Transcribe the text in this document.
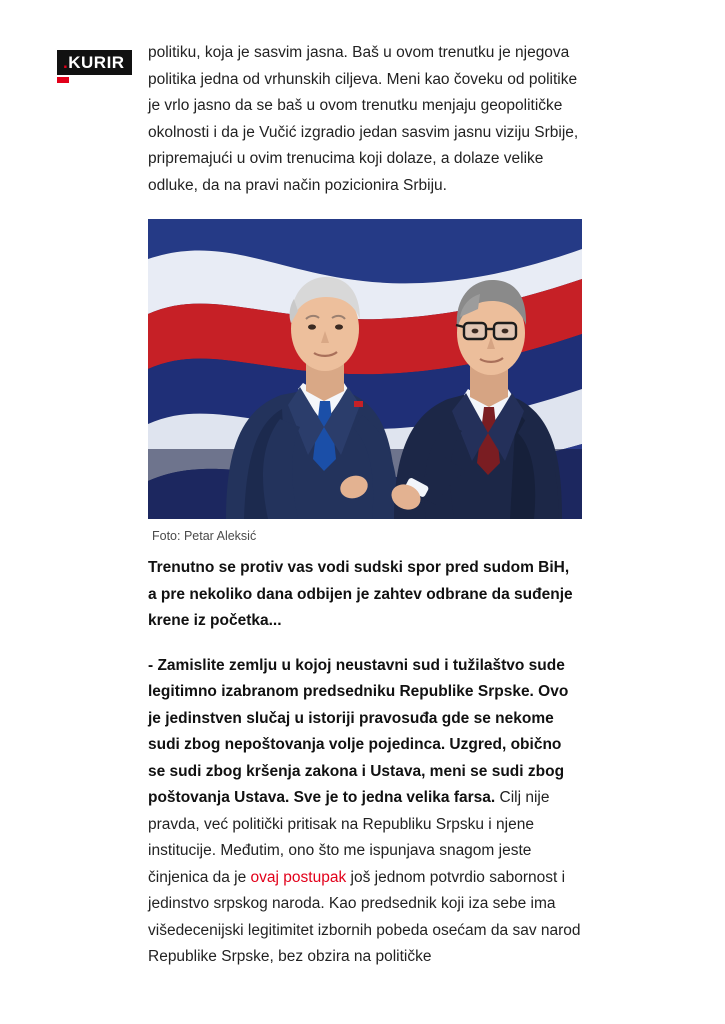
.KURIR

politiku, koja je sasvim jasna. Baš u ovom trenutku je njegova politika jedna od vrhunskih ciljeva. Meni kao čoveku od politike je vrlo jasno da se baš u ovom trenutku menjaju geopolitičke okolnosti i da je Vučić izgradio jedan sasvim jasnu viziju Srbije, pripremajući u ovim trenucima koji dolaze, a dolaze velike odluke, da na pravi način pozicionira Srbiju.

Foto: Petar Aleksić

Trenutno se protiv vas vodi sudski spor pred sudom BiH, a pre nekoliko dana odbijen je zahtev odbrane da suđenje krene iz početka...

- Zamislite zemlju u kojoj neustavni sud i tužilaštvo sude legitimno izabranom predsedniku Republike Srpske. Ovo je jedinstven slučaj u istoriji pravosuđa gde se nekome sudi zbog nepoštovanja volje pojedinca. Uzgred, obično se sudi zbog kršenja zakona i Ustava, meni se sudi zbog poštovanja Ustava. Sve je to jedna velika farsa. Cilj nije pravda, već politički pritisak na Republiku Srpsku i njene institucije. Međutim, ono što me ispunjava snagom jeste činjenica da je ovaj postupak još jednom potvrdio sabornost i jedinstvo srpskog naroda. Kao predsednik koji iza sebe ima višedecenijski legitimitet izbornih pobeda osećam da sav narod Republike Srpske, bez obzira na političke
